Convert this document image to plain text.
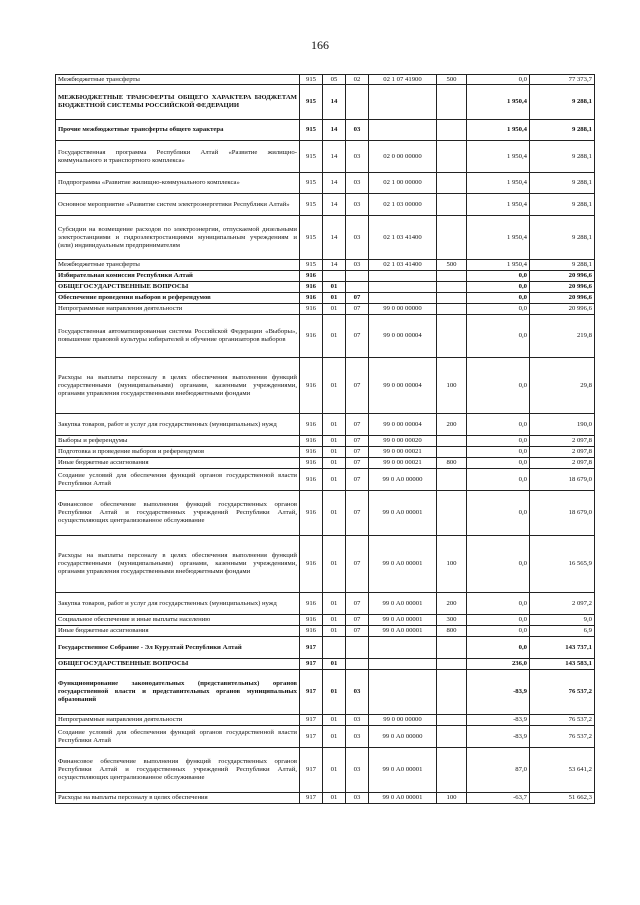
166
Межбюджетные трансферты	915	05	02	02 1 07 41900	500	0,0	77 373,7
МЕЖБЮДЖЕТНЫЕ ТРАНСФЕРТЫ ОБЩЕГО ХАРАКТЕРА БЮДЖЕТАМ БЮДЖЕТНОЙ СИСТЕМЫ РОССИЙСКОЙ ФЕДЕРАЦИИ	915	14				1 950,4	9 288,1
Прочие межбюджетные трансферты общего характера	915	14	03			1 950,4	9 288,1
Государственная программа Республики Алтай «Развитие жилищно-коммунального и транспортного комплекса»	915	14	03	02 0 00 00000		1 950,4	9 288,1
Подпрограмма «Развитие жилищно-коммунального комплекса»	915	14	03	02 1 00 00000		1 950,4	9 288,1
Основное мероприятие «Развитие систем электроэнергетики Республики Алтай»	915	14	03	02 1 03 00000		1 950,4	9 288,1
Субсидии на возмещение расходов по электроэнергии, отпускаемой дизельными электростанциями и гидроэлектростанциями муниципальным учреждениям и (или) индивидуальным предпринимателям	915	14	03	02 1 03 41400		1 950,4	9 288,1
Межбюджетные трансферты	915	14	03	02 1 03 41400	500	1 950,4	9 288,1
Избирательная комиссия Республики Алтай	916					0,0	20 996,6
ОБЩЕГОСУДАРСТВЕННЫЕ ВОПРОСЫ	916	01				0,0	20 996,6
Обеспечение проведения выборов и референдумов	916	01	07			0,0	20 996,6
Непрограммные направления деятельности	916	01	07	99 0 00 00000		0,0	20 996,6
Государственная автоматизированная система Российской Федерации «Выборы», повышение правовой культуры избирателей и обучение организаторов выборов	916	01	07	99 0 00 00004		0,0	219,8
Расходы на выплаты персоналу в целях обеспечения выполнения функций государственными (муниципальными) органами, казенными учреждениями, органами управления государственными внебюджетными фондами	916	01	07	99 0 00 00004	100	0,0	29,8
Закупка товаров, работ и услуг для государственных (муниципальных) нужд	916	01	07	99 0 00 00004	200	0,0	190,0
Выборы и референдумы	916	01	07	99 0 00 00020		0,0	2 097,8
Подготовка и проведение выборов и референдумов	916	01	07	99 0 00 00021		0,0	2 097,8
Иные бюджетные ассигнования	916	01	07	99 0 00 00021	800	0,0	2 097,8
Создание условий для обеспечения функций органов государственной власти Республики Алтай	916	01	07	99 0 А0 00000		0,0	18 679,0
Финансовое обеспечение выполнения функций государственных органов Республики Алтай и государственных учреждений Республики Алтай, осуществляющих централизованное обслуживание	916	01	07	99 0 А0 00001		0,0	18 679,0
Расходы на выплаты персоналу в целях обеспечения выполнения функций государственными (муниципальными) органами, казенными учреждениями, органами управления государственными внебюджетными фондами	916	01	07	99 0 А0 00001	100	0,0	16 565,9
Закупка товаров, работ и услуг для государственных (муниципальных) нужд	916	01	07	99 0 А0 00001	200	0,0	2 097,2
Социальное обеспечение и иные выплаты населению	916	01	07	99 0 А0 00001	300	0,0	9,0
Иные бюджетные ассигнования	916	01	07	99 0 А0 00001	800	0,0	6,9
Государственное Собрание - Эл Курултай Республики Алтай	917					0,0	143 737,1
ОБЩЕГОСУДАРСТВЕННЫЕ ВОПРОСЫ	917	01				236,0	143 583,1
Функционирование законодательных (представительных) органов государственной власти и представительных органов муниципальных образований	917	01	03			-83,9	76 537,2
Непрограммные направления деятельности	917	01	03	99 0 00 00000		-83,9	76 537,2
Создание условий для обеспечения функций органов государственной власти Республики Алтай	917	01	03	99 0 А0 00000		-83,9	76 537,2
Финансовое обеспечение выполнения функций государственных органов Республики Алтай и государственных учреждений Республики Алтай, осуществляющих централизованное обслуживание	917	01	03	99 0 А0 00001		87,0	53 641,2
Расходы на выплаты персоналу в целях обеспечения	917	01	03	99 0 А0 00001	100	-63,7	51 662,3
